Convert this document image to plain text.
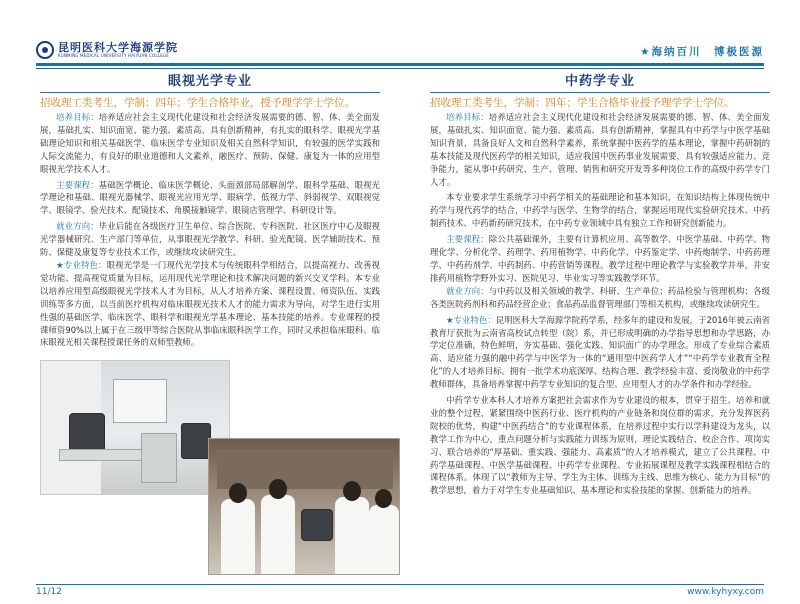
昆明医科大学海源学院
KUNMING MEDICAL UNIVERSITY HAIYUAN COLLEGE	★海纳百川　博极医源
眼视光学专业
招收理工类考生，学制：四年；学生合格毕业，授予理学学士学位。

培养目标：培养适应社会主义现代化建设和社会经济发展需要的德、智、体、美全面发展，基础扎实、知识面宽、能力强、素质高、具有创新精神，有扎实的眼科学、眼视光学基础理论知识和相关基础医学、临床医学专业知识及相关自然科学知识，有较强的医学实践和人际交流能力，有良好的职业道德和人文素养，融医疗、预防、保健、康复为一体的应用型眼视光学技术人才。

主要课程：基础医学概论、临床医学概论、头面颈部局部解剖学、眼科学基础、眼视光学理论和基础、眼视光器械学、眼视光应用光学、眼病学、低视力学、斜弱视学、双眼视觉学、眼镜学、验光技术、配镜技术、角膜接触镜学、眼镜店管理学、科研设计等。

就业方向：毕业后能在各级医疗卫生单位、综合医院、专科医院、社区医疗中心及眼视光学器械研究、生产部门等单位，从事眼视光学教学、科研、验光配镜、医学辅助技术、预防、保健及康复等专业技术工作，或继续攻读研究生。

★专业特色：眼视光学是一门现代光学技术与传统眼科学相结合，以提高视力、改善视觉功能、提高视觉质量为目标，运用现代光学理论和技术解决问题的新兴交叉学科。本专业以培养应用型高级眼视光学技术人才为目标，从人才培养方案、课程设置、师资队伍、实践训练等多方面，以当前医疗机构对临床眼视光技术人才的能力需求为导向，对学生进行实用性强的基础医学、临床医学、眼科学和眼视光学基本理论、基本技能的培养。专业课程的授课师资90%以上属于在三级甲等综合医院从事临床眼科医学工作，同时又承担临床眼科、临床眼视光相关课程授课任务的双师型教师。

中药学专业
招收理工类考生，学制：四年；学生合格毕业授予理学学士学位。

培养目标：培养适应社会主义现代化建设和社会经济发展需要的德、智、体、美全面发展，基础扎实、知识面宽、能力强、素质高、具有创新精神，掌握具有中药学与中医学基础知识背景，具备良好人文和自然科学素养，系统掌握中医药学的基本理论，掌握中药研制的基本技能及现代医药学的相关知识，适应我国中医药事业发展需要，具有较强适应能力、竞争能力，能从事中药研究、生产、管理、销售和研究开发等多种岗位工作的高级中药学专门人才。

本专业要求学生系统学习中药学相关的基础理论和基本知识，在知识结构上体现传统中药学与现代药学的结合，中药学与医学、生物学的结合，掌握运用现代实验研究技术、中药制药技术、中药新药研究技术，在中药专业领域中具有独立工作和研究创新能力。

主要课程：除公共基础课外，主要有计算机应用、高等数学、中医学基础、中药学、物理化学、分析化学、药理学、药用植物学、中药化学、中药鉴定学、中药炮制学、中药药理学、中药药剂学、中药制药、中药营销等课程。教学过程中理论教学与实验教学并举，并安排药用植物学野外实习、医院见习、毕业实习等实践教学环节。

就业方向：与中药以及相关领域的教学、科研、生产单位；药品检验与管理机构；各级各类医院药剂科和药品经营企业；食品药品监督管理部门等相关机构，或继续攻读研究生。

★专业特色：昆明医科大学海源学院药学系，经多年的建设和发展，于2016年被云南省教育厅获批为云南省高校试点转型（院）系，并已形成明确的办学指导思想和办学思路，办学定位准确，特色鲜明，夯实基础、强化实践、知识面广的办学理念。形成了专业综合素质高、适应能力强的融中药学与中医学为一体的“通用型中医药学人才”“中药学专业教育全程化”的人才培养目标。拥有一批学术功底深厚、结构合理、教学经验丰富、爱岗敬业的中药学教师群体，具备培养掌握中药学专业知识的复合型、应用型人才的办学条件和办学经验。

中药学专业本科人才培养方案把社会需求作为专业建设的根本，贯穿于招生、培养和就业的整个过程，紧紧围绕中医药行业、医疗机构的产业链条和岗位群的需求，充分发挥医药院校的优势，构建“中医药结合”的专业课程体系，在培养过程中实行以学科建设为龙头，以教学工作为中心，重点问题分析与实践能力训练为原则，理论实践结合、校企合作、项岗实习、联合培养的“厚基础、重实践、强能力、高素质”的人才培养模式，建立了公共课程、中药学基础课程、中医学基础课程、中药学专业课程、专业拓展课程及教学实践课程相结合的课程体系。体现了以“教师为主导、学生为主体、训练为主线、思维为核心、能力为目标”的教学思想，着力于对学生专业基础知识、基本理论和实验技能的掌握、创新能力的培养。

11/12	www.kyhyxy.com
